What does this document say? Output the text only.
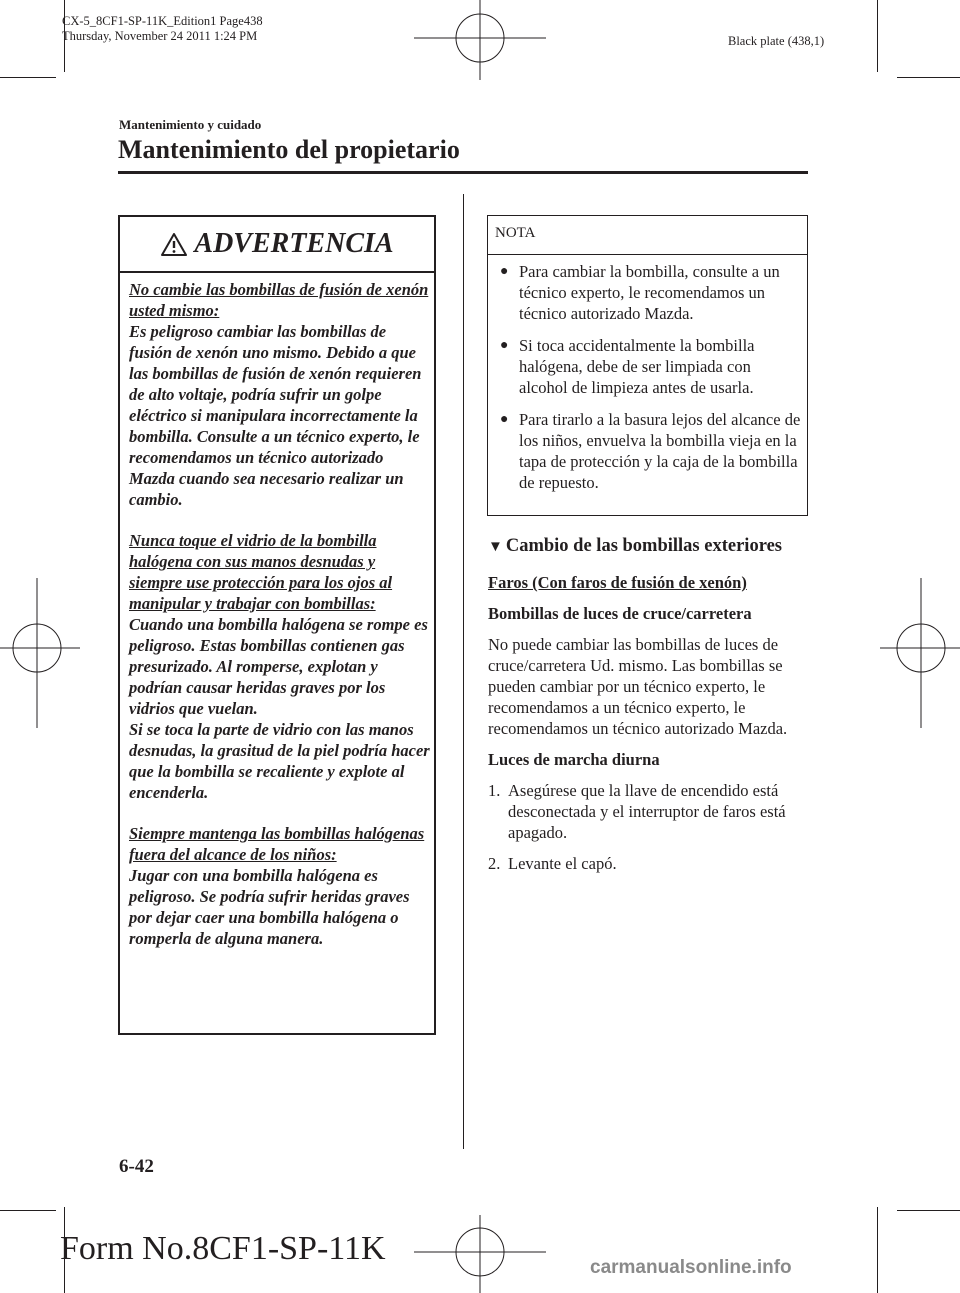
CX-5_8CF1-SP-11K_Edition1 Page438
Thursday, November 24 2011 1:24 PM	Black plate (438,1)
Mantenimiento y cuidado
Mantenimiento del propietario
ADVERTENCIA

No cambie las bombillas de fusión de xenón usted mismo:

Es peligroso cambiar las bombillas de fusión de xenón uno mismo. Debido a que las bombillas de fusión de xenón requieren de alto voltaje, podría sufrir un golpe eléctrico si manipulara incorrectamente la bombilla. Consulte a un técnico experto, le recomendamos un técnico autorizado Mazda cuando sea necesario realizar un cambio.

Nunca toque el vidrio de la bombilla halógena con sus manos desnudas y siempre use protección para los ojos al manipular y trabajar con bombillas:

Cuando una bombilla halógena se rompe es peligroso. Estas bombillas contienen gas presurizado. Al romperse, explotan y podrían causar heridas graves por los vidrios que vuelan.

Si se toca la parte de vidrio con las manos desnudas, la grasitud de la piel podría hacer que la bombilla se recaliente y explote al encenderla.

Siempre mantenga las bombillas halógenas fuera del alcance de los niños:

Jugar con una bombilla halógena es peligroso. Se podría sufrir heridas graves por dejar caer una bombilla halógena o romperla de alguna manera.

NOTA
● Para cambiar la bombilla, consulte a un técnico experto, le recomendamos un técnico autorizado Mazda.
● Si toca accidentalmente la bombilla halógena, debe de ser limpiada con alcohol de limpieza antes de usarla.
● Para tirarlo a la basura lejos del alcance de los niños, envuelva la bombilla vieja en la tapa de protección y la caja de la bombilla de repuesto.
▼ Cambio de las bombillas exteriores

Faros (Con faros de fusión de xenón)

Bombillas de luces de cruce/carretera

No puede cambiar las bombillas de luces de cruce/carretera Ud. mismo. Las bombillas se pueden cambiar por un técnico experto, le recomendamos a un técnico experto, le recomendamos un técnico autorizado Mazda.

Luces de marcha diurna

1. Asegúrese que la llave de encendido está desconectada y el interruptor de faros está apagado.

2. Levante el capó.

6-42
Form No.8CF1-SP-11K
carmanualsonline.info
